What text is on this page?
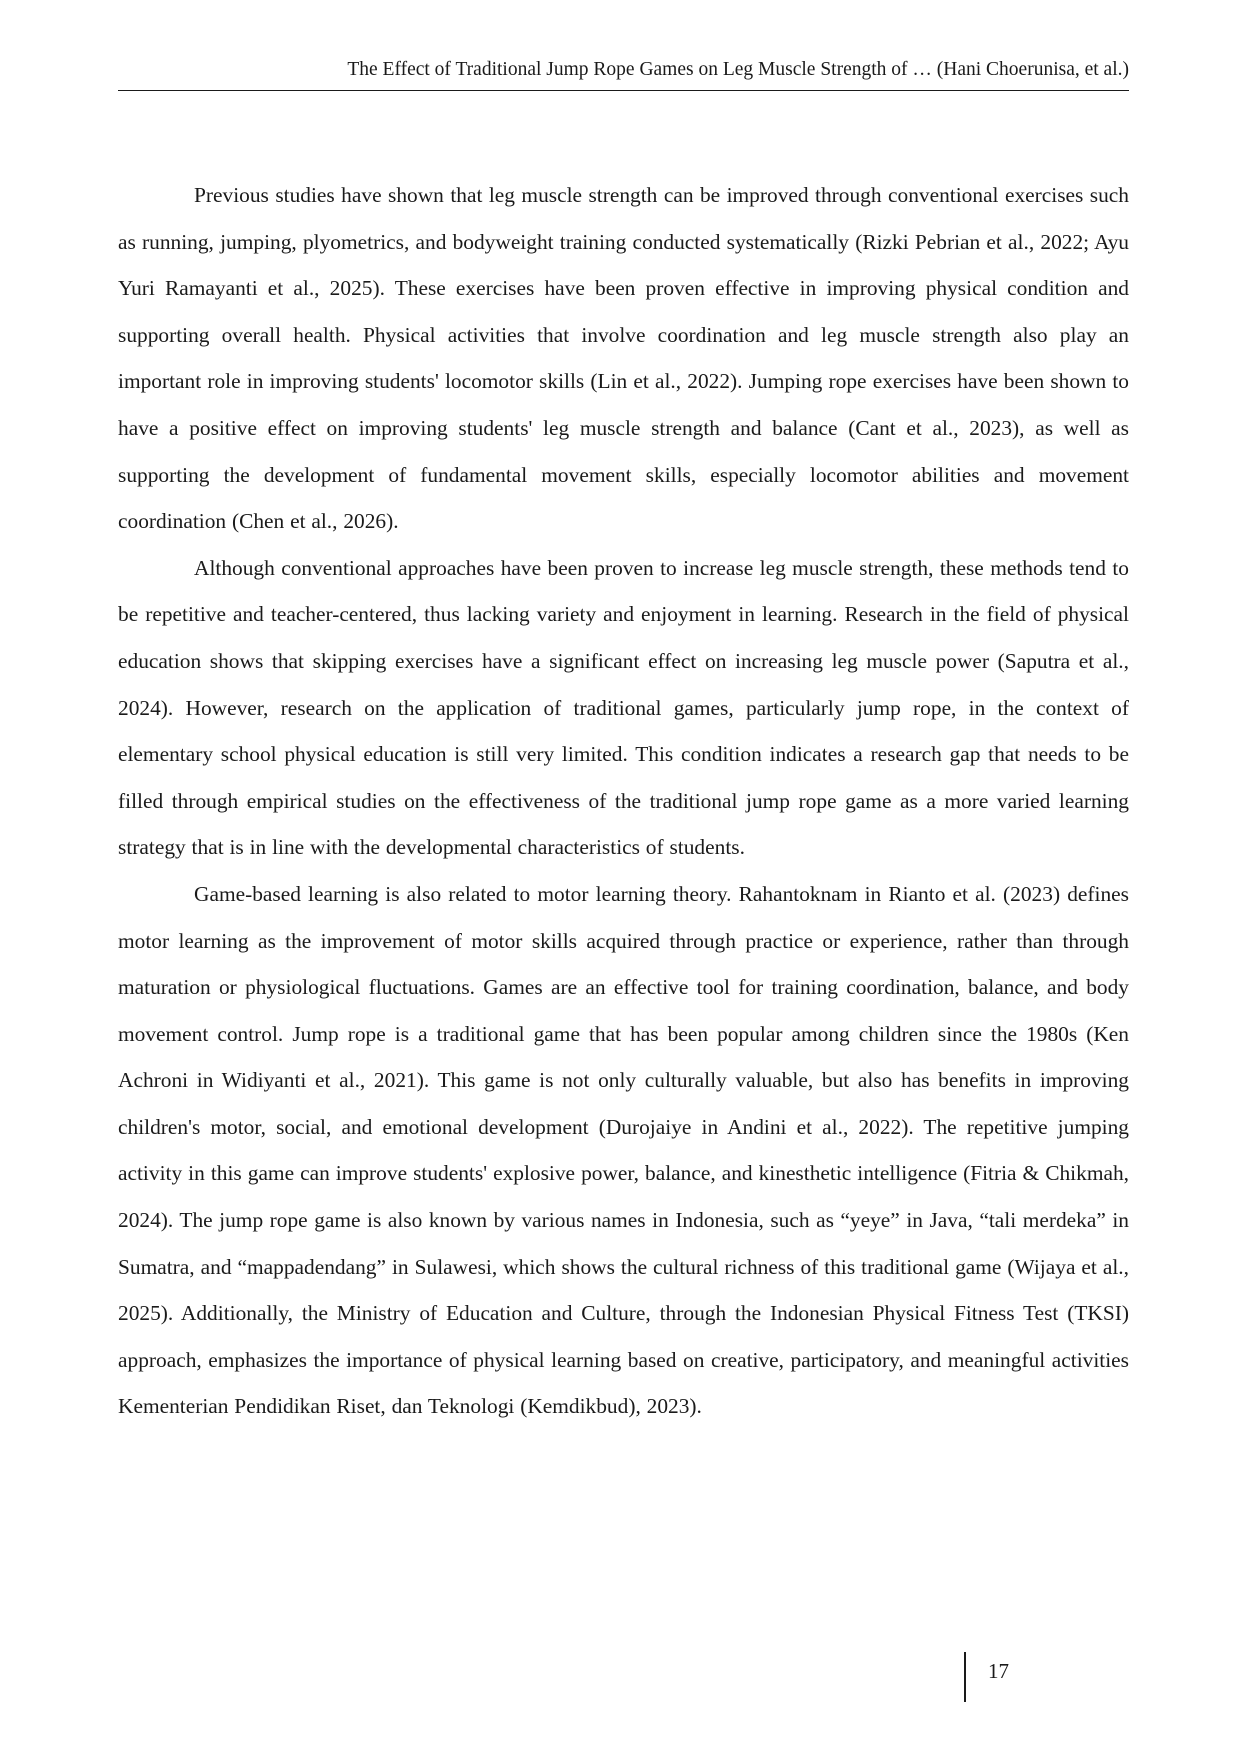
The Effect of Traditional Jump Rope Games on Leg Muscle Strength of … (Hani Choerunisa, et al.)

Previous studies have shown that leg muscle strength can be improved through conventional exercises such as running, jumping, plyometrics, and bodyweight training conducted systematically (Rizki Pebrian et al., 2022; Ayu Yuri Ramayanti et al., 2025). These exercises have been proven effective in improving physical condition and supporting overall health. Physical activities that involve coordination and leg muscle strength also play an important role in improving students' locomotor skills (Lin et al., 2022). Jumping rope exercises have been shown to have a positive effect on improving students' leg muscle strength and balance (Cant et al., 2023), as well as supporting the development of fundamental movement skills, especially locomotor abilities and movement coordination (Chen et al., 2026).

Although conventional approaches have been proven to increase leg muscle strength, these methods tend to be repetitive and teacher-centered, thus lacking variety and enjoyment in learning. Research in the field of physical education shows that skipping exercises have a significant effect on increasing leg muscle power (Saputra et al., 2024). However, research on the application of traditional games, particularly jump rope, in the context of elementary school physical education is still very limited. This condition indicates a research gap that needs to be filled through empirical studies on the effectiveness of the traditional jump rope game as a more varied learning strategy that is in line with the developmental characteristics of students.

Game-based learning is also related to motor learning theory. Rahantoknam in Rianto et al. (2023) defines motor learning as the improvement of motor skills acquired through practice or experience, rather than through maturation or physiological fluctuations. Games are an effective tool for training coordination, balance, and body movement control. Jump rope is a traditional game that has been popular among children since the 1980s (Ken Achroni in Widiyanti et al., 2021). This game is not only culturally valuable, but also has benefits in improving children's motor, social, and emotional development (Durojaiye in Andini et al., 2022). The repetitive jumping activity in this game can improve students' explosive power, balance, and kinesthetic intelligence (Fitria & Chikmah, 2024). The jump rope game is also known by various names in Indonesia, such as “yeye” in Java, “tali merdeka” in Sumatra, and “mappadendang” in Sulawesi, which shows the cultural richness of this traditional game (Wijaya et al., 2025). Additionally, the Ministry of Education and Culture, through the Indonesian Physical Fitness Test (TKSI) approach, emphasizes the importance of physical learning based on creative, participatory, and meaningful activities Kementerian Pendidikan Riset, dan Teknologi (Kemdikbud), 2023).

17
